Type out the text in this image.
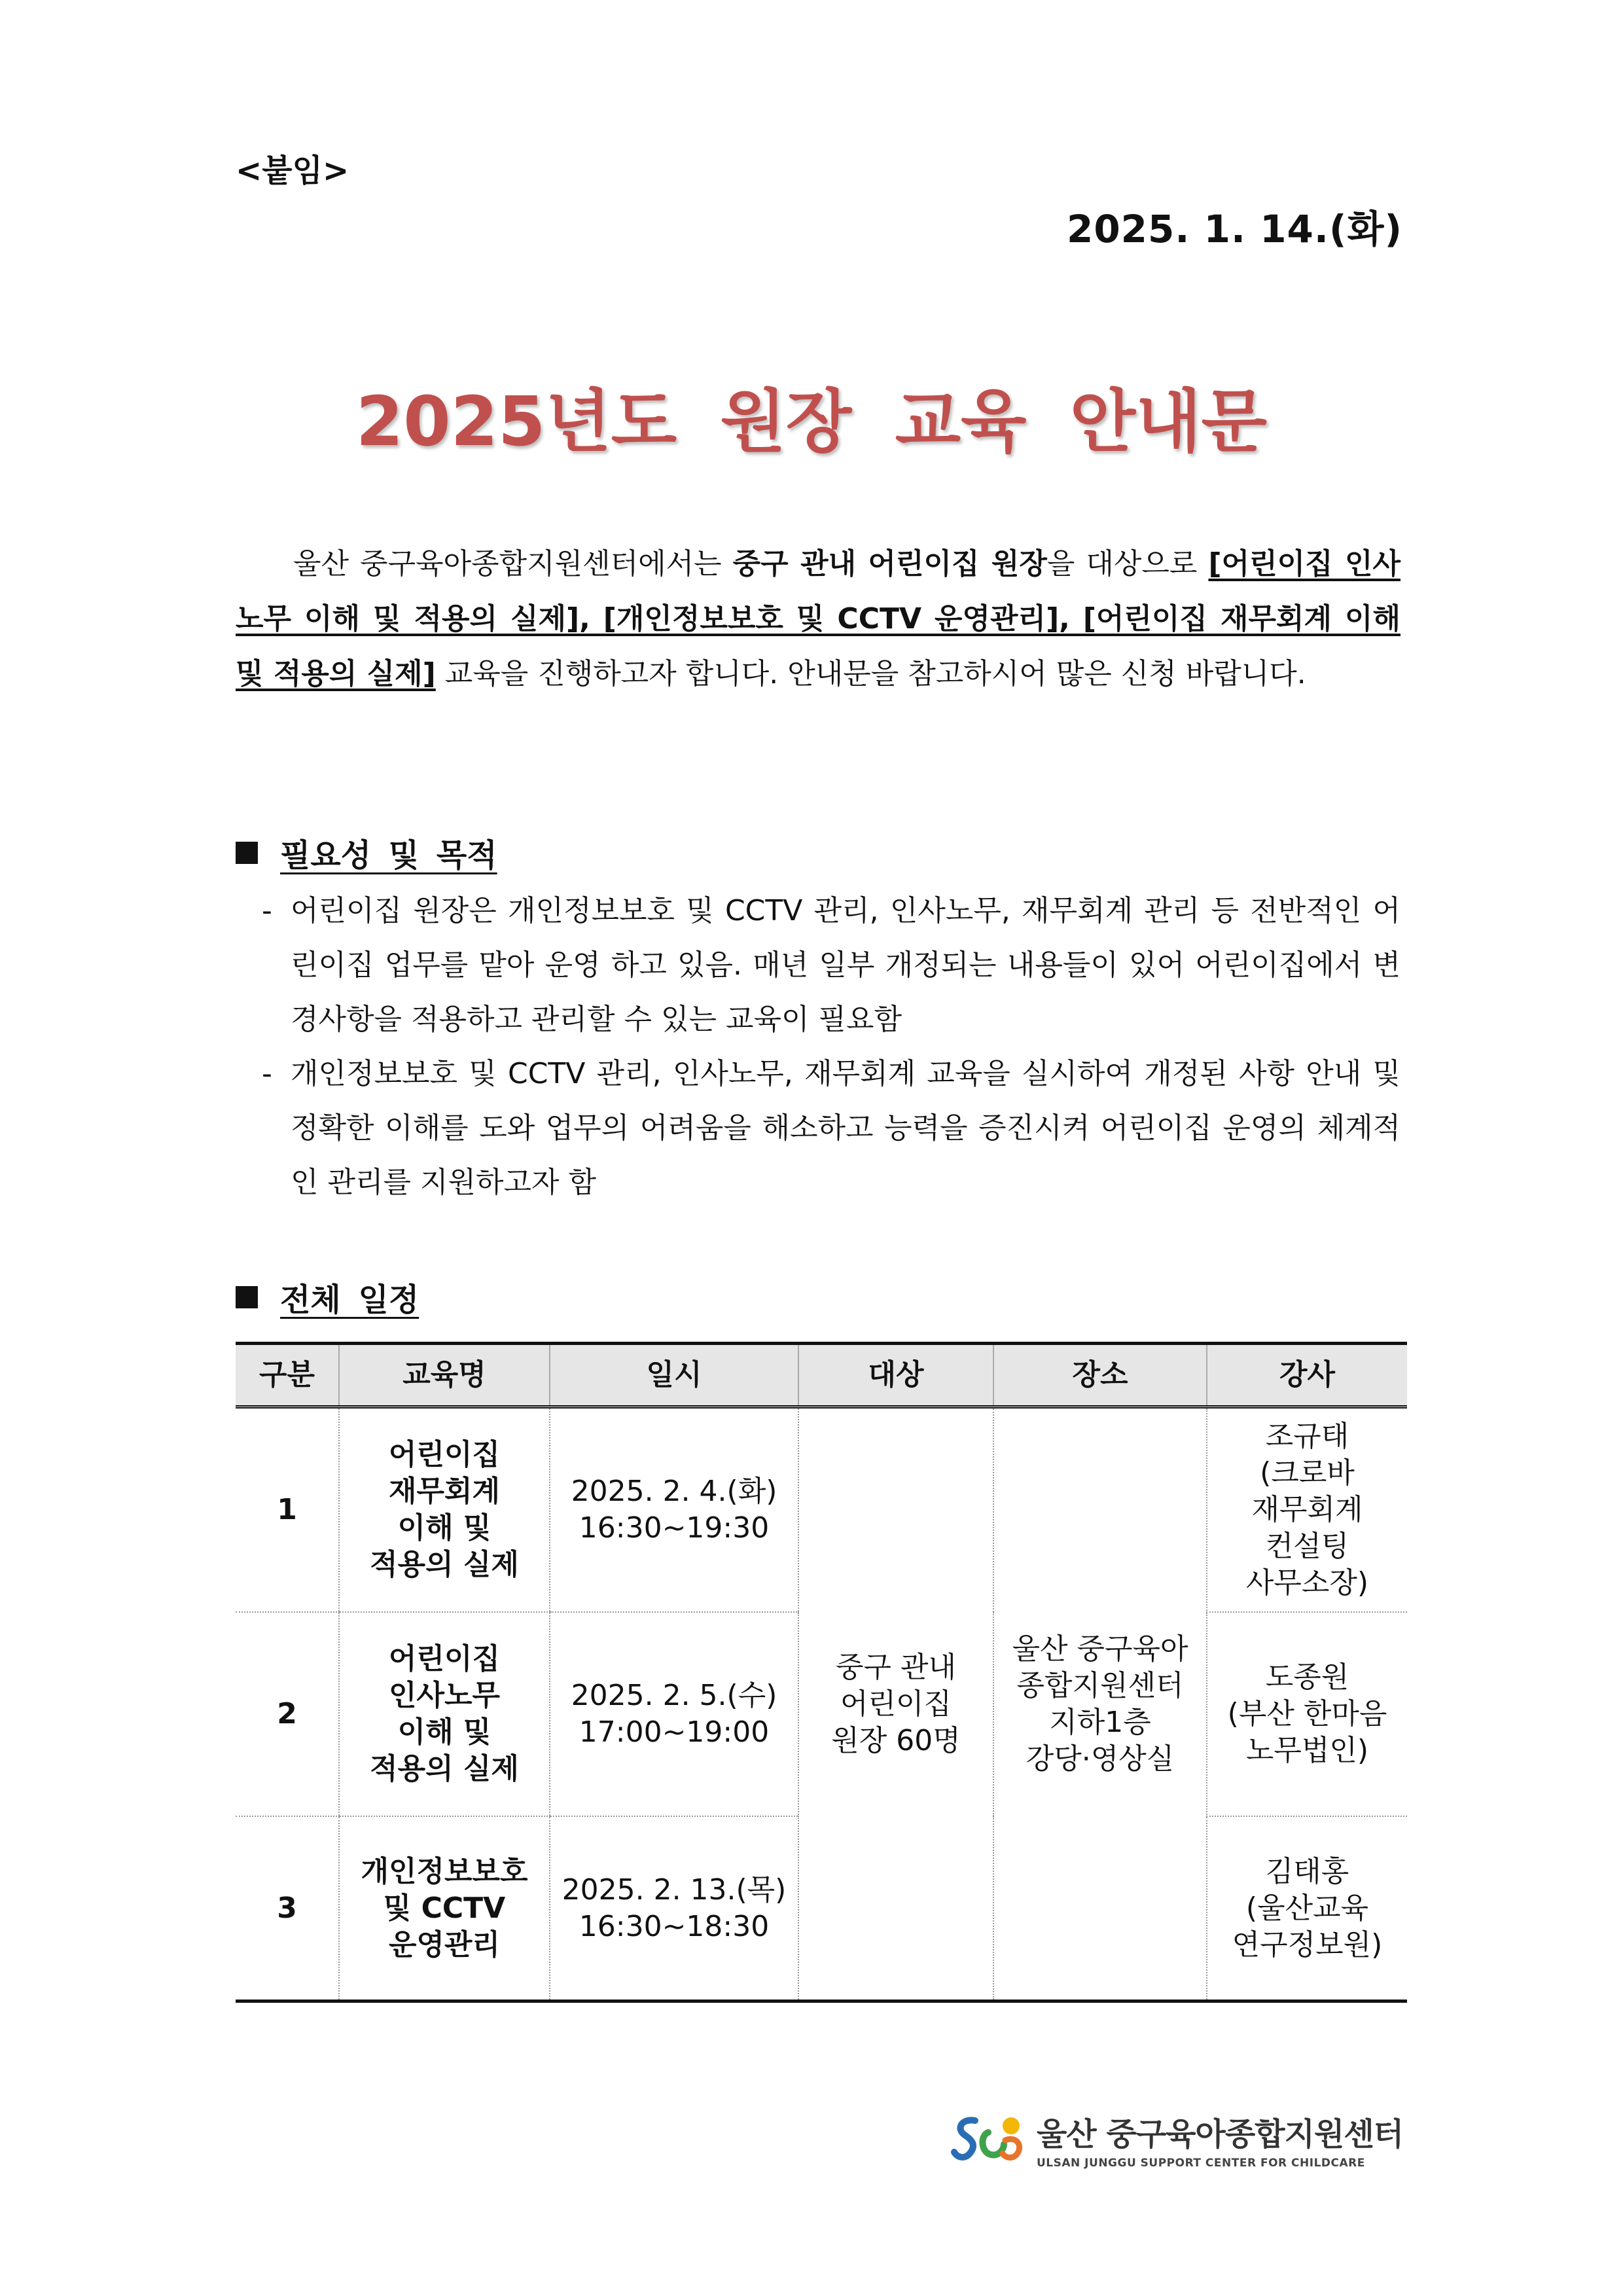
<붙임>
2025. 1. 14.(화)
2025년도 원장 교육 안내문
울산 중구육아종합지원센터에서는 중구 관내 어린이집 원장을 대상으로 [어린이집 인사노무 이해 및 적용의 실제], [개인정보보호 및 CCTV 운영관리], [어린이집 재무회계 이해 및 적용의 실제] 교육을 진행하고자 합니다. 안내문을 참고하시어 많은 신청 바랍니다.
필요성 및 목적
- 어린이집 원장은 개인정보보호 및 CCTV 관리, 인사노무, 재무회계 관리 등 전반적인 어린이집 업무를 맡아 운영 하고 있음. 매년 일부 개정되는 내용들이 있어 어린이집에서 변경사항을 적용하고 관리할 수 있는 교육이 필요함
- 개인정보보호 및 CCTV 관리, 인사노무, 재무회계 교육을 실시하여 개정된 사항 안내 및 정확한 이해를 도와 업무의 어려움을 해소하고 능력을 증진시켜 어린이집 운영의 체계적인 관리를 지원하고자 함
전체 일정
구분	교육명	일시	대상	장소	강사
1	어린이집
재무회계
이해 및
적용의 실제	2025. 2. 4.(화)
16:30~19:30	중구 관내
어린이집
원장 60명	울산 중구육아
종합지원센터
지하1층
강당·영상실	조규태
(크로바
재무회계
컨설팅
사무소장)
2	어린이집
인사노무
이해 및
적용의 실제	2025. 2. 5.(수)
17:00~19:00			도종원
(부산 한마음
노무법인)
3	개인정보보호
및 CCTV
운영관리	2025. 2. 13.(목)
16:30~18:30			김태홍
(울산교육
연구정보원)
울산 중구육아종합지원센터
ULSAN JUNGGU SUPPORT CENTER FOR CHILDCARE
